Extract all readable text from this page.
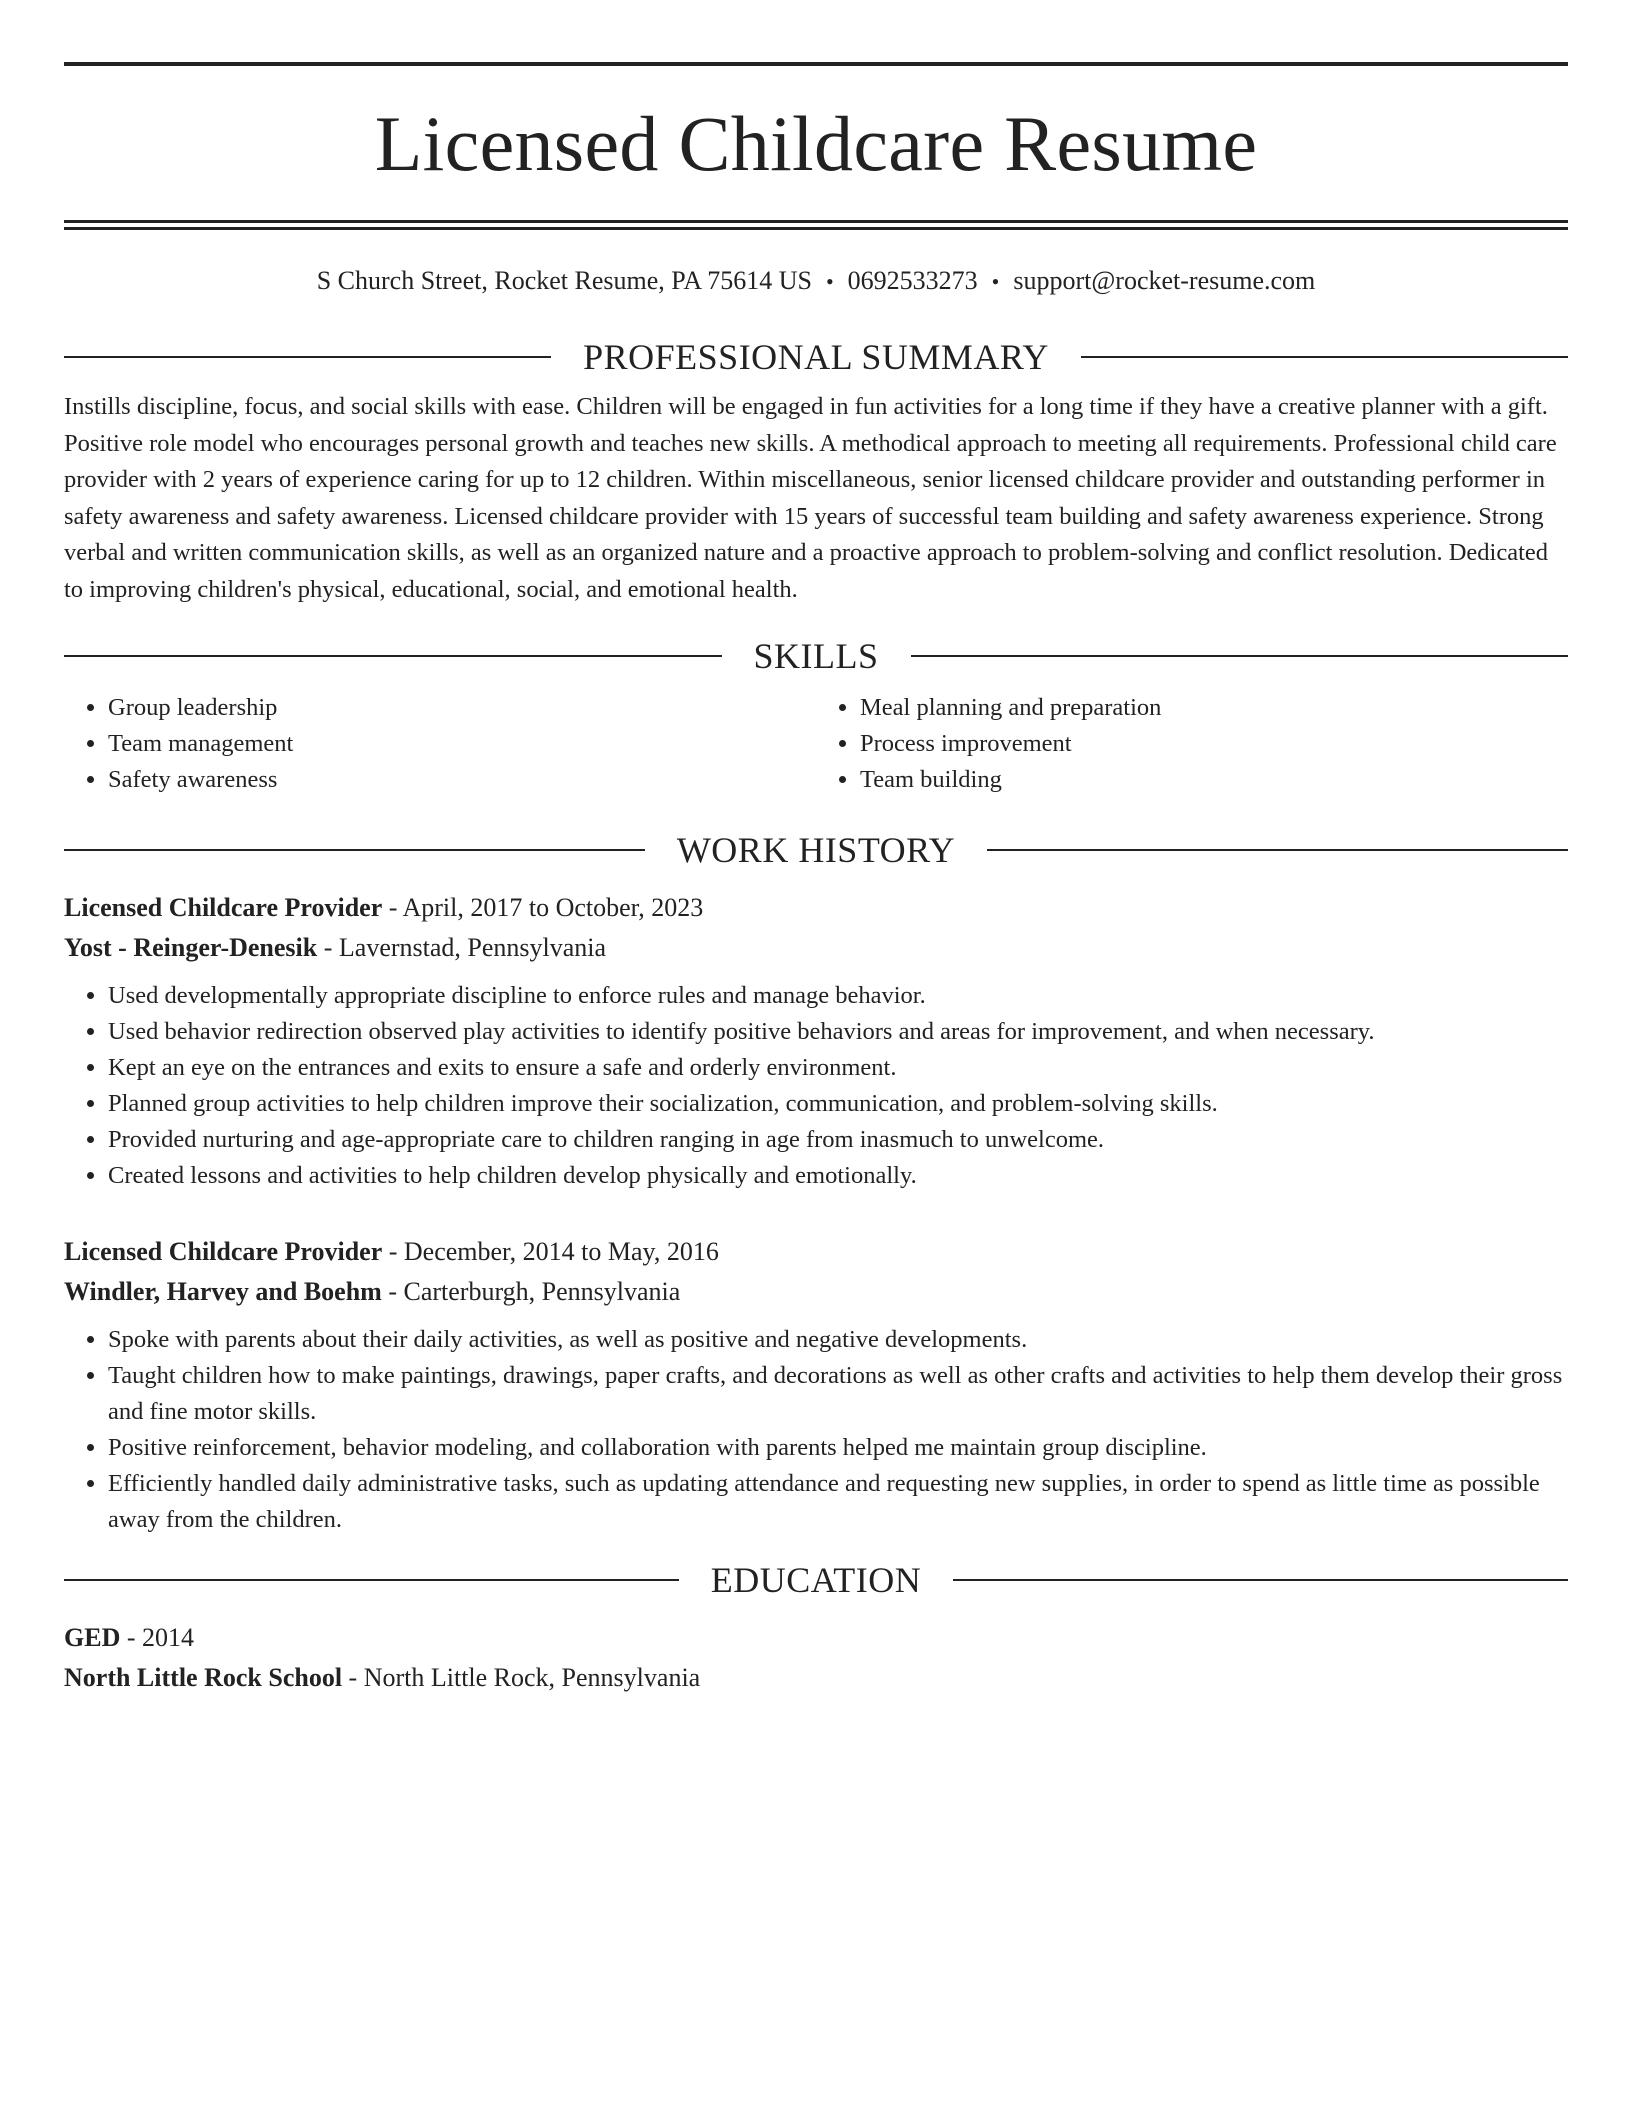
Licensed Childcare Resume
S Church Street, Rocket Resume, PA 75614 US • 0692533273 • support@rocket-resume.com
PROFESSIONAL SUMMARY

Instills discipline, focus, and social skills with ease. Children will be engaged in fun activities for a long time if they have a creative planner with a gift. Positive role model who encourages personal growth and teaches new skills. A methodical approach to meeting all requirements. Professional child care provider with 2 years of experience caring for up to 12 children. Within miscellaneous, senior licensed childcare provider and outstanding performer in safety awareness and safety awareness. Licensed childcare provider with 15 years of successful team building and safety awareness experience. Strong verbal and written communication skills, as well as an organized nature and a proactive approach to problem-solving and conflict resolution. Dedicated to improving children's physical, educational, social, and emotional health.

SKILLS
• Group leadership
• Team management
• Safety awareness
• Meal planning and preparation
• Process improvement
• Team building
WORK HISTORY
Licensed Childcare Provider - April, 2017 to October, 2023
Yost - Reinger-Denesik - Lavernstad, Pennsylvania
• Used developmentally appropriate discipline to enforce rules and manage behavior.
• Used behavior redirection observed play activities to identify positive behaviors and areas for improvement, and when necessary.
• Kept an eye on the entrances and exits to ensure a safe and orderly environment.
• Planned group activities to help children improve their socialization, communication, and problem-solving skills.
• Provided nurturing and age-appropriate care to children ranging in age from inasmuch to unwelcome.
• Created lessons and activities to help children develop physically and emotionally.
Licensed Childcare Provider - December, 2014 to May, 2016
Windler, Harvey and Boehm - Carterburgh, Pennsylvania
• Spoke with parents about their daily activities, as well as positive and negative developments.
• Taught children how to make paintings, drawings, paper crafts, and decorations as well as other crafts and activities to help them develop their gross and fine motor skills.
• Positive reinforcement, behavior modeling, and collaboration with parents helped me maintain group discipline.
• Efficiently handled daily administrative tasks, such as updating attendance and requesting new supplies, in order to spend as little time as possible away from the children.
EDUCATION
GED - 2014
North Little Rock School - North Little Rock, Pennsylvania
